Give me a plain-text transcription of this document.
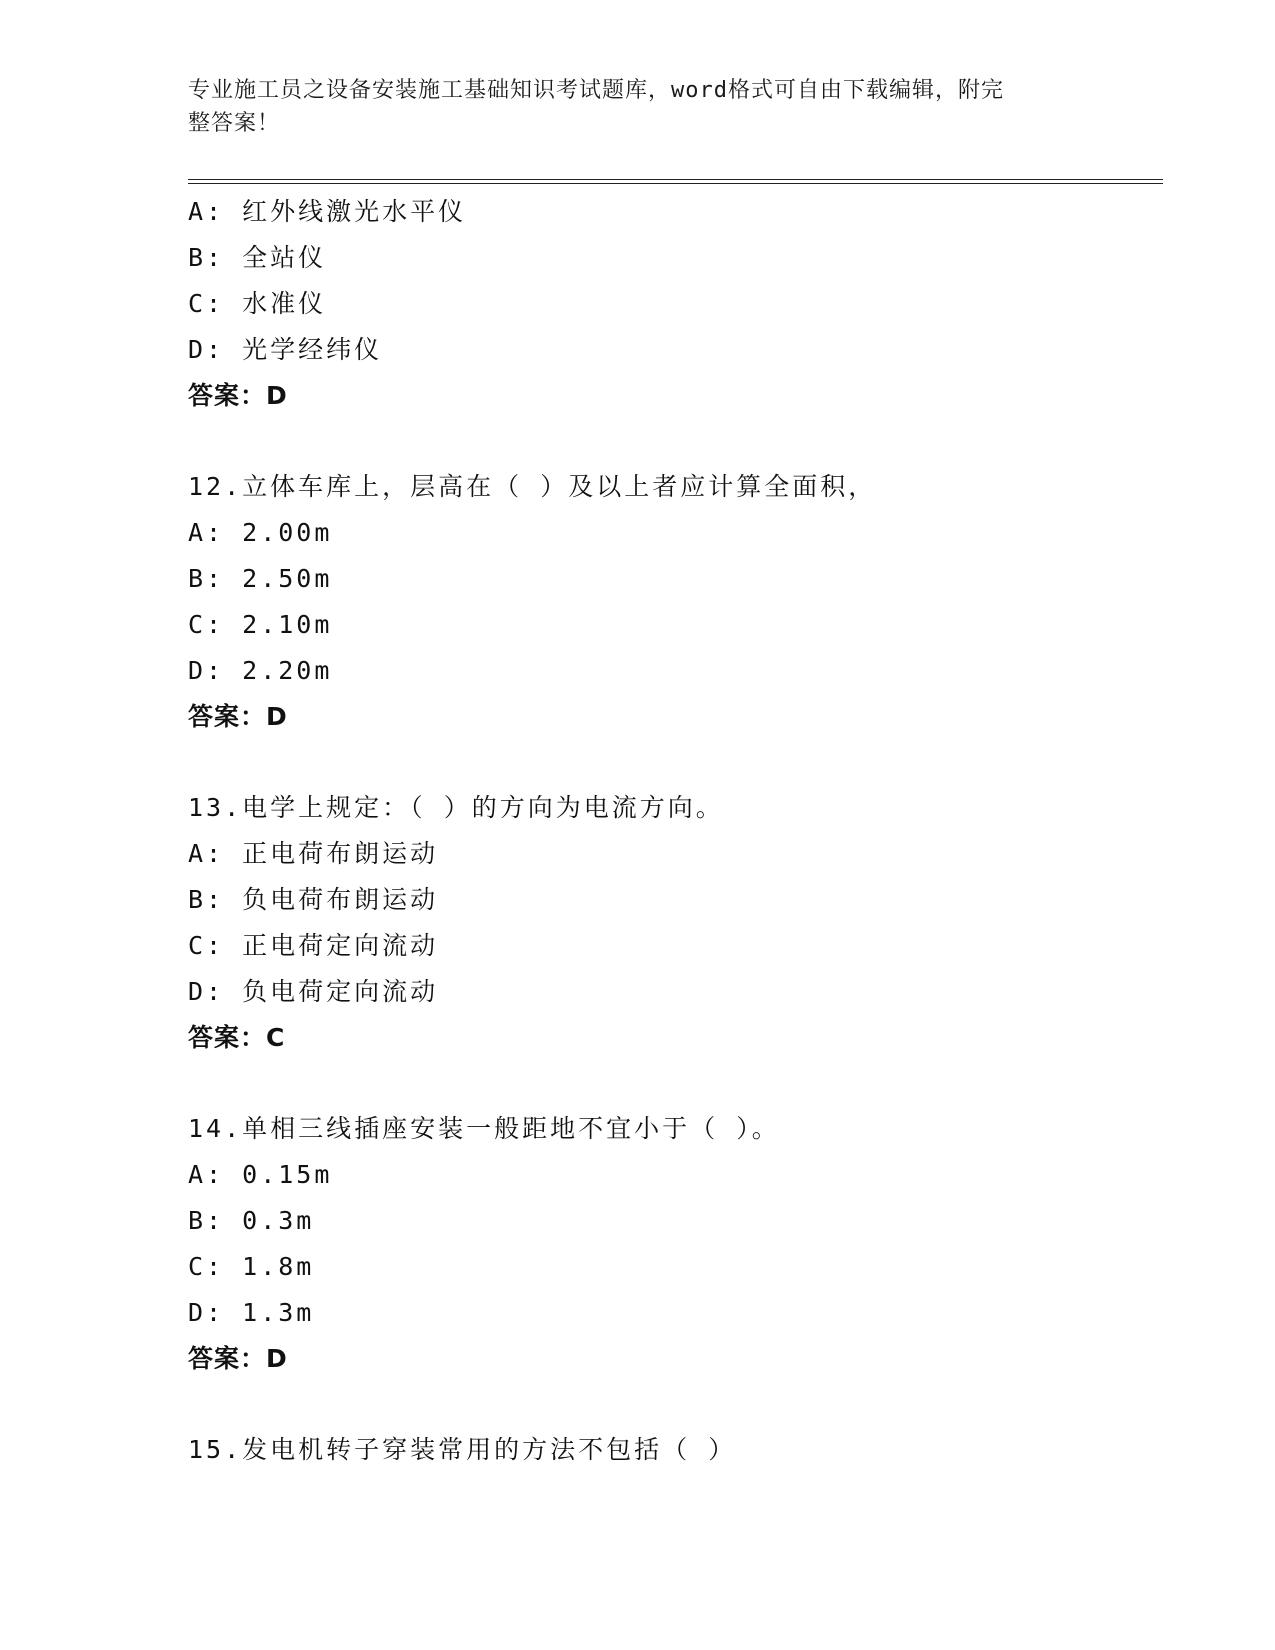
专业施工员之设备安装施工基础知识考试题库，word格式可自由下载编辑，附完
整答案！
A: 红外线激光水平仪
B: 全站仪
C: 水准仪
D: 光学经纬仪
答案：D
12.立体车库上，层高在（ ）及以上者应计算全面积，
A: 2.00m
B: 2.50m
C: 2.10m
D: 2.20m
答案：D
13.电学上规定：（ ）的方向为电流方向。
A: 正电荷布朗运动
B: 负电荷布朗运动
C: 正电荷定向流动
D: 负电荷定向流动
答案：C
14.单相三线插座安装一般距地不宜小于（ ）。
A: 0.15m
B: 0.3m
C: 1.8m
D: 1.3m
答案：D
15.发电机转子穿装常用的方法不包括（ ）
